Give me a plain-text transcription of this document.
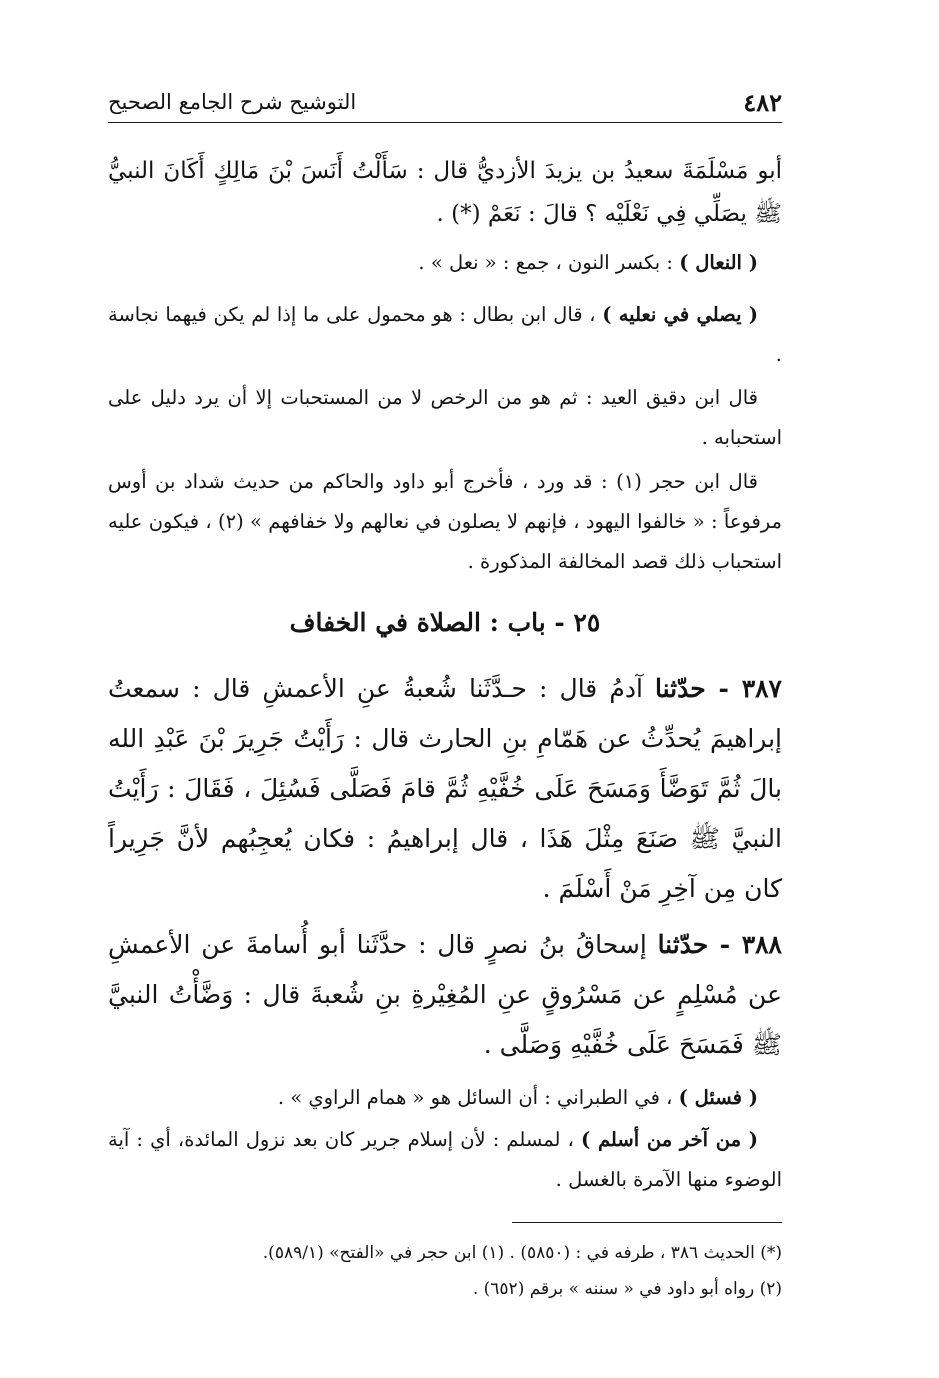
٤٨٢
التوشيح شرح الجامع الصحيح
أبو مَسْلَمَةَ سعيدُ بن يزيدَ الأزديُّ قال : سَأَلْتُ أَنَسَ بْنَ مَالِكٍ أَكَانَ النبيُّ ﷺ يصَلِّي فِي نَعْلَيْه ؟ قالَ : نَعَمْ (*) .
( النعال ) : بكسر النون ، جمع : « نعل » .
( يصلي في نعليه ) ، قال ابن بطال : هو محمول على ما إذا لم يكن فيهما نجاسة .
قال ابن دقيق العيد : ثم هو من الرخص لا من المستحبات إلا أن يرد دليل على استحبابه .
قال ابن حجر (١) : قد ورد ، فأخرج أبو داود والحاكم من حديث شداد بن أوس مرفوعاً : « خالفوا اليهود ، فإنهم لا يصلون في نعالهم ولا خفافهم » (٢) ، فيكون عليه استحباب ذلك قصد المخالفة المذكورة .
٢٥ - باب : الصلاة في الخفاف
٣٨٧ - حدّثنا آدمُ قال : حـدَّثَنا شُعبةُ عنِ الأعمشِ قال : سمعتُ إبراهيمَ يُحدِّثُ عن هَمّامِ بنِ الحارث قال : رَأَيْتُ جَرِيرَ بْنَ عَبْدِ الله بالَ ثُمَّ تَوَضَّأَ وَمَسَحَ عَلَى خُفَّيْهِ ثُمَّ قامَ فَصَلَّى فَسُئِلَ ، فَقَالَ : رَأَيْتُ النبيَّ ﷺ صَنَعَ مِثْلَ هَذَا ، قال إبراهيمُ : فكان يُعجِبُهم لأنَّ جَرِيراً كان مِن آخِرِ مَنْ أَسْلَمَ .
٣٨٨ - حدّثنا إسحاقُ بنُ نصرٍ قال : حدَّثَنا أبو أُسامةَ عن الأعمشِ عن مُسْلِمٍ عن مَسْرُوقٍ عنِ المُغِيْرةِ بنِ شُعبةَ قال : وَضَّأْتُ النبيَّ ﷺ فَمَسَحَ عَلَى خُفَّيْهِ وَصَلَّى .
( فسئل ) ، في الطبراني : أن السائل هو « همام الراوي » .
( من آخر من أسلم ) ، لمسلم : لأن إسلام جرير كان بعد نزول المائدة، أي : آية الوضوء منها الآمرة بالغسل .
(*) الحديث ٣٨٦ ، طرفه في : (٥٨٥٠) . (١) ابن حجر في «الفتح» (٥٨٩/١).
(٢) رواه أبو داود في « سننه » برقم (٦٥٢) .
